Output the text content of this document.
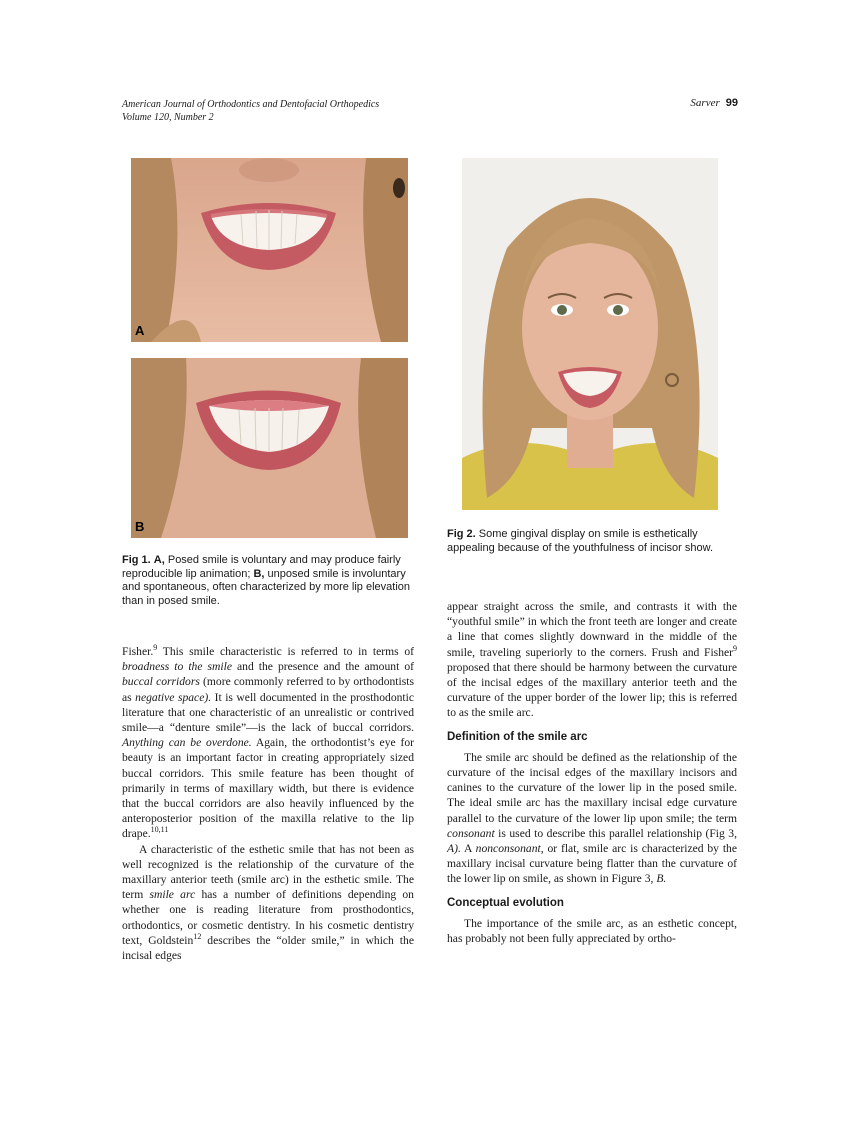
American Journal of Orthodontics and Dentofacial Orthopedics
Volume 120, Number 2
Sarver 99
A
B
Fig 1. A, Posed smile is voluntary and may produce fairly reproducible lip animation; B, unposed smile is involuntary and spontaneous, often characterized by more lip elevation than in posed smile.
Fig 2. Some gingival display on smile is esthetically appealing because of the youthfulness of incisor show.

Fisher.$^9$ This smile characteristic is referred to in terms of broadness to the smile and the presence and the amount of buccal corridors (more commonly referred to by orthodontists as negative space). It is well documented in the prosthodontic literature that one characteristic of an unrealistic or contrived smile—a “denture smile”—is the lack of buccal corridors. Anything can be overdone. Again, the orthodontist’s eye for beauty is an important factor in creating appropriately sized buccal corridors. This smile feature has been thought of primarily in terms of maxillary width, but there is evidence that the buccal corridors are also heavily influenced by the anteroposterior position of the maxilla relative to the lip drape.$^{10,11}$

A characteristic of the esthetic smile that has not been as well recognized is the relationship of the curvature of the maxillary anterior teeth (smile arc) in the esthetic smile. The term smile arc has a number of definitions depending on whether one is reading literature from prosthodontics, orthodontics, or cosmetic dentistry. In his cosmetic dentistry text, Goldstein$^{12}$ describes the “older smile,” in which the incisal edges

appear straight across the smile, and contrasts it with the “youthful smile” in which the front teeth are longer and create a line that comes slightly downward in the middle of the smile, traveling superiorly to the corners. Frush and Fisher$^9$ proposed that there should be harmony between the curvature of the incisal edges of the maxillary anterior teeth and the curvature of the upper border of the lower lip; this is referred to as the smile arc.

Definition of the smile arc

The smile arc should be defined as the relationship of the curvature of the incisal edges of the maxillary incisors and canines to the curvature of the lower lip in the posed smile. The ideal smile arc has the maxillary incisal edge curvature parallel to the curvature of the lower lip upon smile; the term consonant is used to describe this parallel relationship (Fig 3, A). A nonconsonant, or flat, smile arc is characterized by the maxillary incisal curvature being flatter than the curvature of the lower lip on smile, as shown in Figure 3, B.

Conceptual evolution

The importance of the smile arc, as an esthetic concept, has probably not been fully appreciated by ortho-
